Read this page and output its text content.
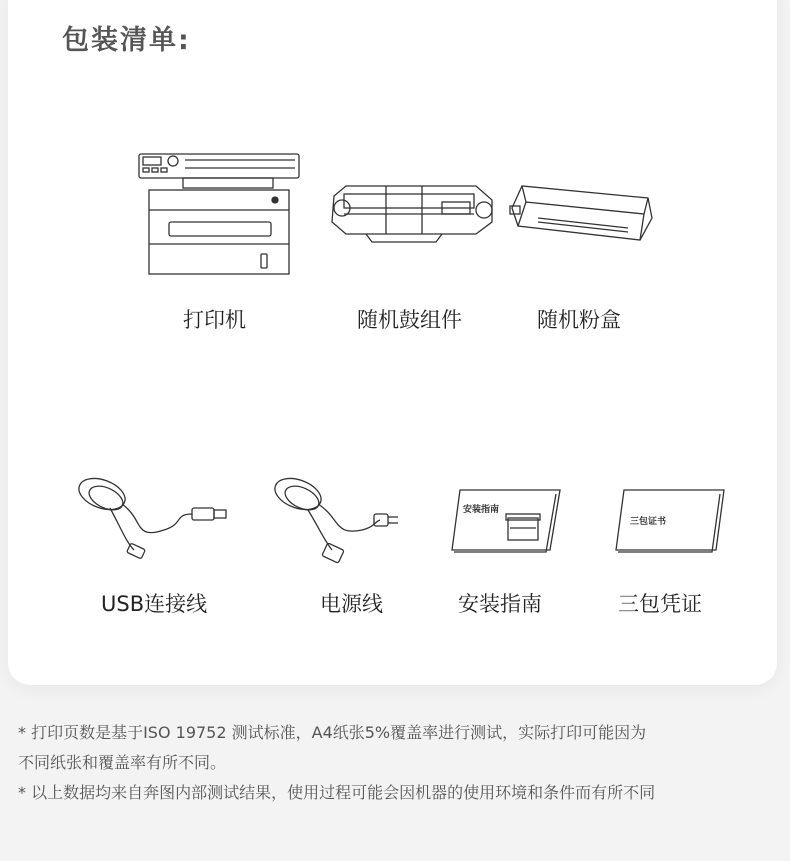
包装清单:
打印机	随机鼓组件	随机粉盒
USB连接线	电源线
安装指南
安装指南
三包证书
三包凭证

* 打印页数是基于ISO 19752 测试标准，A4纸张5%覆盖率进行测试，实际打印可能因为

不同纸张和覆盖率有所不同。

* 以上数据均来自奔图内部测试结果，使用过程可能会因机器的使用环境和条件而有所不同
